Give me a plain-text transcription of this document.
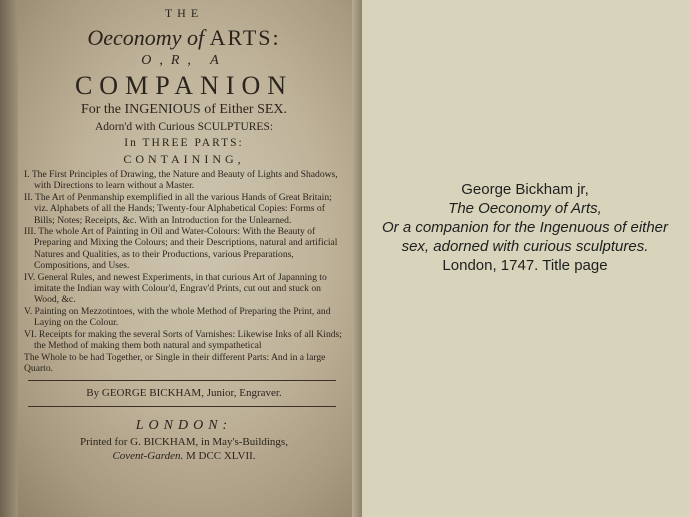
THE
Oeconomy of ARTS:
O,R, A
COMPANION
For the INGENIOUS of Either SEX.
Adorn'd with Curious SCULPTURES:
In THREE PARTS:
CONTAINING,
I. The First Principles of Drawing, the Nature and Beauty of Lights and Shadows, with Directions to learn without a Master.
II. The Art of Penmanship exemplified in all the various Hands of Great Britain; viz. Alphabets of all the Hands; Twenty-four Alphabetical Copies: Forms of Bills; Notes; Receipts, &c. With an Introduction for the Unlearned.
III. The whole Art of Painting in Oil and Water-Colours: With the Beauty of Preparing and Mixing the Colours; and their Descriptions, natural and artificial Natures and Qualities, as to their Productions, various Preparations, Compositions, and Uses.
IV. General Rules, and newest Experiments, in that curious Art of Japanning to imitate the Indian way with Colour'd, Engrav'd Prints, cut out and stuck on Wood, &c.
V. Painting on Mezzotintoes, with the whole Method of Preparing the Print, and Laying on the Colour.
VI. Receipts for making the several Sorts of Varnishes: Likewise Inks of all Kinds; the Method of making them both natural and sympathetical
The Whole to be had Together, or Single in their different Parts: And in a large Quarto.
By GEORGE BICKHAM, Junior, Engraver.
LONDON:
Printed for G. BICKHAM, in May's-Buildings,
Covent-Garden. M DCC XLVII.
George Bickham jr,
The Oeconomy of Arts,
Or a companion for the Ingenuous of either sex, adorned with curious sculptures.
London, 1747. Title page
